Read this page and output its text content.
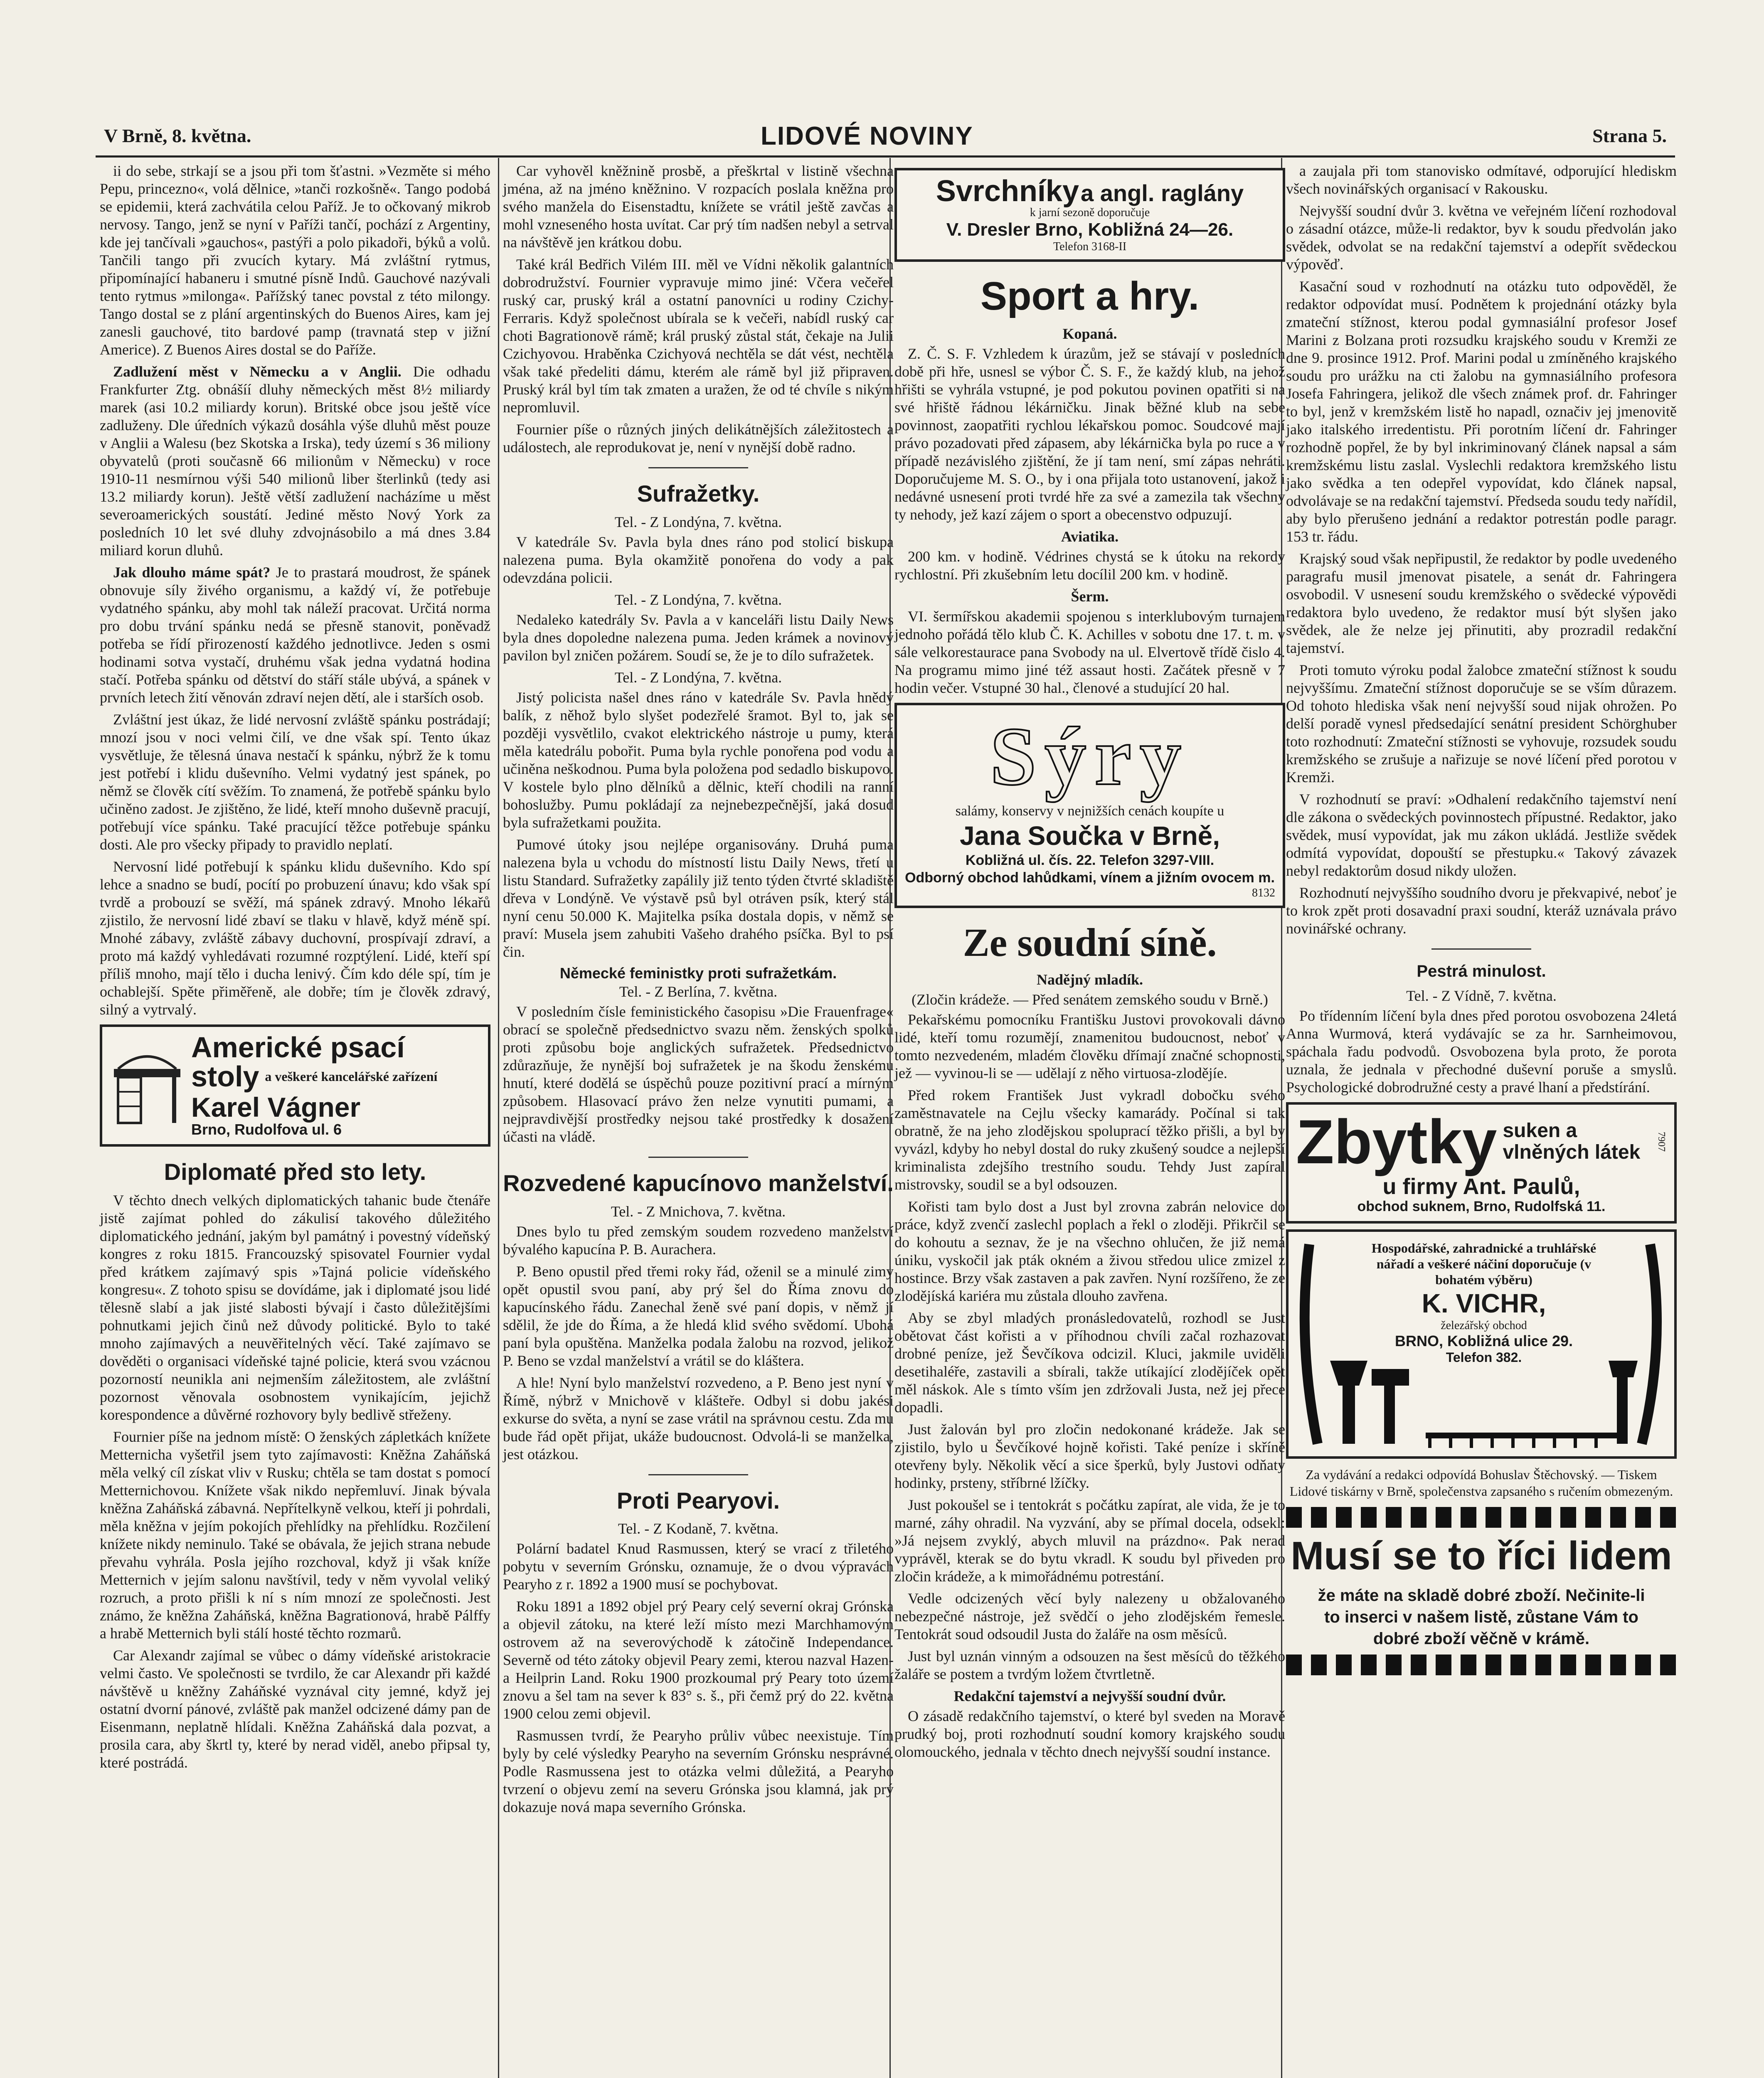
V Brně, 8. května.	LIDOVÉ NOVINY	Strana 5.

ii do sebe, strkají se a jsou při tom šťastni. »Vezměte si mého Pepu, princezno«, volá dělnice, »tanči rozkošně«. Tango podobá se epidemii, která zachvátila celou Paříž. Je to očkovaný mikrob nervosy. Tango, jenž se nyní v Paříži tančí, pochází z Argentiny, kde jej tančívali »gauchos«, pastýři a polo pikadoři, býků a volů. Tančili tango při zvucích kytary. Má zvláštní rytmus, připomínající habaneru i smutné písně Indů. Gauchové nazývali tento rytmus »milonga«. Pařížský tanec povstal z této milongy. Tango dostal se z plání argentinských do Buenos Aires, kam jej zanesli gauchové, tito bardové pamp (travnatá step v jižní Americe). Z Buenos Aires dostal se do Paříže.

Zadlužení měst v Německu a v Anglii. Die odhadu Frankfurter Ztg. obnášíí dluhy německých měst 8½ miliardy marek (asi 10.2 miliardy korun). Britské obce jsou ještě více zadluženy. Dle úředních výkazů dosáhla výše dluhů měst pouze v Anglii a Walesu (bez Skotska a Irska), tedy území s 36 miliony obyvatelů (proti současně 66 milionům v Německu) v roce 1910-11 nesmírnou výši 540 milionů liber šterlinků (tedy asi 13.2 miliardy korun). Ještě větší zadlužení nacházíme u měst severoamerických soustátí. Jediné město Nový York za posledních 10 let své dluhy zdvojnásobilo a má dnes 3.84 miliard korun dluhů.

Jak dlouho máme spát? Je to prastará moudrost, že spánek obnovuje síly živého organismu, a každý ví, že potřebuje vydatného spánku, aby mohl tak náleží pracovat. Určitá norma pro dobu trvání spánku nedá se přesně stanovit, poněvadž potřeba se řídí přirozeností každého jednotlivce. Jeden s osmi hodinami sotva vystačí, druhému však jedna vydatná hodina stačí. Potřeba spánku od dětství do stáří stále ubývá, a spánek v prvních letech žití věnován zdraví nejen dětí, ale i starších osob.

Zvláštní jest úkaz, že lidé nervosní zvláště spánku postrádají; mnozí jsou v noci velmi čilí, ve dne však spí. Tento úkaz vysvětluje, že tělesná únava nestačí k spánku, nýbrž že k tomu jest potřebí i klidu duševního. Velmi vydatný jest spánek, po němž se člověk cítí svěžím. To znamená, že potřebě spánku bylo učiněno zadost. Je zjištěno, že lidé, kteří mnoho duševně pracují, potřebují více spánku. Také pracující těžce potřebuje spánku dosti. Ale pro všecky připady to pravidlo neplatí.

Nervosní lidé potřebují k spánku klidu duševního. Kdo spí lehce a snadno se budí, pocítí po probuzení únavu; kdo však spí tvrdě a probouzí se svěží, má spánek zdravý. Mnoho lékařů zjistilo, že nervosní lidé zbaví se tlaku v hlavě, když méně spí. Mnohé zábavy, zvláště zábavy duchovní, prospívají zdraví, a proto má každý vyhledávati rozumné rozptýlení. Lidé, kteří spí příliš mnoho, mají tělo i ducha lenivý. Čím kdo déle spí, tím je ochablejší. Spěte přiměřeně, ale dobře; tím je člověk zdravý, silný a vytrvalý.

Americké psací
stoly a veškeré kancelářské zařízení
Karel Vágner
Brno, Rudolfova ul. 6
Diplomaté před sto lety.

V těchto dnech velkých diplomatických tahanic bude čtenáře jistě zajímat pohled do zákulisí takového důležitého diplomatického jednání, jakým byl památný i povestný vídeňský kongres z roku 1815. Francouzský spisovatel Fournier vydal před krátkem zajímavý spis »Tajná policie vídeňského kongresu«. Z tohoto spisu se dovídáme, jak i diplomaté jsou lidé tělesně slabí a jak jisté slabosti bývají i často důležitějšími pohnutkami jejich činů než důvody politické. Bylo to také mnoho zajímavých a neuvěřitelných věcí. Také zajímavo se dověděti o organisaci vídeňské tajné policie, která svou vzácnou pozorností neunikla ani nejmenším záležitostem, ale zvláštní pozornost věnovala osobnostem vynikajícím, jejichž korespondence a důvěrné rozhovory byly bedlivě střeženy.

Fournier píše na jednom místě: O ženských zápletkách knížete Metternicha vyšetřil jsem tyto zajímavosti: Kněžna Zaháňská měla velký cíl získat vliv v Rusku; chtěla se tam dostat s pomocí Metternichovou. Knížete však nikdo nepřemluví. Jinak bývala kněžna Zaháňská zábavná. Nepřítelkyně velkou, kteří ji pohrdali, měla kněžna v jejím pokojích přehlídky na přehlídku. Rozčilení knížete nikdy neminulo. Také se obávala, že jejich strana nebude převahu vyhrála. Posla jejího rozchoval, když ji však kníže Metternich v jejím salonu navštívil, tedy v něm vyvolal veliký rozruch, a proto přišli k ní s ním mnozí ze společnosti. Jest známo, že kněžna Zaháňská, kněžna Bagrationová, hrabě Pálffy a hrabě Metternich byli stálí hosté těchto rozmarů.

Car Alexandr zajímal se vůbec o dámy vídeňské aristokracie velmi často. Ve společnosti se tvrdilo, že car Alexandr při každé návštěvě u kněžny Zaháňské vyznával city jemné, když jej ostatní dvorní pánové, zvláště pak manžel odcizené dámy pan de Eisenmann, neplatně hlídali. Kněžna Zaháňská dala pozvat, a prosila cara, aby škrtl ty, které by nerad viděl, anebo připsal ty, které postrádá.

Car vyhověl kněžnině prosbě, a přeškrtal v listině všechna jména, až na jméno kněžnino. V rozpacích poslala kněžna pro svého manžela do Eisenstadtu, knížete se vrátil ještě zavčas a mohl vzneseného hosta uvítat. Car prý tím nadšen nebyl a setrval na návštěvě jen krátkou dobu.

Také král Bedřich Vilém III. měl ve Vídni několik galantních dobrodružství. Fournier vypravuje mimo jiné: Včera večeřel ruský car, pruský král a ostatní panovníci u rodiny Czichy-Ferraris. Když společnost ubírala se k večeři, nabídl ruský car choti Bagrationově rámě; král pruský zůstal stát, čekaje na Julii Czichyovou. Hraběnka Czichyová nechtěla se dát vést, nechtěla však také předeliti dámu, kterém ale rámě byl již připraven. Pruský král byl tím tak zmaten a uražen, že od té chvíle s nikým nepromluvil.

Fournier píše o různých jiných delikátnějších záležitostech a událostech, ale reprodukovat je, není v nynější době radno.

Sufražetky.
Tel. - Z Londýna, 7. května.

V katedrále Sv. Pavla byla dnes ráno pod stolicí biskupa nalezena puma. Byla okamžitě ponořena do vody a pak odevzdána policii.

Tel. - Z Londýna, 7. května.

Nedaleko katedrály Sv. Pavla a v kanceláři listu Daily News byla dnes dopoledne nalezena puma. Jeden krámek a novinový pavilon byl zničen požárem. Soudí se, že je to dílo sufražetek.

Tel. - Z Londýna, 7. května.

Jistý policista našel dnes ráno v katedrále Sv. Pavla hnědý balík, z něhož bylo slyšet podezřelé šramot. Byl to, jak se později vysvětlilo, cvakot elektrického nástroje u pumy, která měla katedrálu pobořit. Puma byla rychle ponořena pod vodu a učiněna neškodnou. Puma byla položena pod sedadlo biskupovo. V kostele bylo plno dělníků a dělnic, kteří chodili na ranní bohoslužby. Pumu pokládají za nejnebezpečnější, jaká dosud byla sufražetkami použita.

Pumové útoky jsou nejlépe organisovány. Druhá puma nalezena byla u vchodu do místností listu Daily News, třetí u listu Standard. Sufražetky zapálily již tento týden čtvrté skladiště dřeva v Londýně. Ve výstavě psů byl otráven psík, který stál nyní cenu 50.000 K. Majitelka psíka dostala dopis, v němž se praví: Musela jsem zahubiti Vašeho drahého psíčka. Byl to psí čin.

Německé feministky proti sufražetkám.
Tel. - Z Berlína, 7. května.

V posledním čísle feministického časopisu »Die Frauenfrage« obrací se společně předsednictvo svazu něm. ženských spolků proti způsobu boje anglických sufražetek. Předsednictvo zdůrazňuje, že nynější boj sufražetek je na škodu ženskému hnutí, které dodělá se úspěchů pouze pozitivní prací a mírným způsobem. Hlasovací právo žen nelze vynutiti pumami, a nejpravdivější prostředky nejsou také prostředky k dosažení účasti na vládě.

Rozvedené kapucínovo manželství.
Tel. - Z Mnichova, 7. května.

Dnes bylo tu před zemským soudem rozvedeno manželství bývalého kapucína P. B. Aurachera.

P. Beno opustil před třemi roky řád, oženil se a minulé zimy opět opustil svou paní, aby prý šel do Říma znovu do kapucínského řádu. Zanechal ženě své paní dopis, v němž jí sdělil, že jde do Říma, a že hledá klid svého svědomí. Ubohá paní byla opuštěna. Manželka podala žalobu na rozvod, jelikož P. Beno se vzdal manželství a vrátil se do kláštera.

A hle! Nyní bylo manželství rozvedeno, a P. Beno jest nyní v Římě, nýbrž v Mnichově v klášteře. Odbyl si dobu jakési exkurse do světa, a nyní se zase vrátil na správnou cestu. Zda mu bude řád opět přijat, ukáže budoucnost. Odvolá-li se manželka, jest otázkou.

Proti Pearyovi.
Tel. - Z Kodaně, 7. května.

Polární badatel Knud Rasmussen, který se vrací z třiletého pobytu v severním Grónsku, oznamuje, že o dvou výpravách Pearyho z r. 1892 a 1900 musí se pochybovat.

Roku 1891 a 1892 objel prý Peary celý severní okraj Grónska a objevil zátoku, na které leží místo mezi Marchhamovým ostrovem až na severovýchodě k zátočině Independance. Severně od této zátoky objevil Peary zemi, kterou nazval Hazen- a Heilprin Land. Roku 1900 prozkoumal prý Peary toto území znovu a šel tam na sever k 83° s. š., při čemž prý do 22. května 1900 celou zemi objevil.

Rasmussen tvrdí, že Pearyho průliv vůbec neexistuje. Tím byly by celé výsledky Pearyho na severním Grónsku nesprávné. Podle Rasmussena jest to otázka velmi důležitá, a Pearyho tvrzení o objevu zemí na severu Grónska jsou klamná, jak prý dokazuje nová mapa severního Grónska.

Svrchníky a angl. raglány
k jarní sezoně doporučuje
V. Dresler Brno, Kobližná 24—26.
Telefon 3168-II
Sport a hry.
Kopaná.

Z. Č. S. F. Vzhledem k úrazům, jež se stávají v posledních době při hře, usnesl se výbor Č. S. F., že každý klub, na jehož hřišti se vyhrála vstupné, je pod pokutou povinen opatřiti si na své hřiště řádnou lékárničku. Jinak běžné klub na sebe povinnost, zaopatřiti rychlou lékařskou pomoc. Soudcové mají právo pozadovati před zápasem, aby lékárnička byla po ruce a v případě nezávislého zjištění, že jí tam není, smí zápas nehráti. Doporučujeme M. S. O., by i ona přijala toto ustanovení, jakož i nedávné usnesení proti tvrdé hře za své a zamezila tak všechny ty nehody, jež kazí zájem o sport a obecenstvo odpuzují.

Aviatika.

200 km. v hodině. Védrines chystá se k útoku na rekordy rychlostní. Při zkušebním letu docílil 200 km. v hodině.

Šerm.

VI. šermířskou akademii spojenou s interklubovým turnajem jednoho pořádá tělo klub Č. K. Achilles v sobotu dne 17. t. m. v sále velkorestaurace pana Svobody na ul. Elvertově třídě čislo 4. Na programu mimo jiné též assaut hosti. Začátek přesně v 7 hodin večer. Vstupné 30 hal., členové a studující 20 hal.

Sýry
salámy, konservy v nejnižších cenách koupíte u
Jana Součka v Brně,
Kobližná ul. čís. 22. Telefon 3297-VIII.
Odborný obchod lahůdkami, vínem a jižním ovocem m.
8132
Ze soudní síně.
Nadějný mladík.
(Zločin krádeže. — Před senátem zemského soudu v Brně.)

Pekařskému pomocníku Františku Justovi provokovali dávno lidé, kteří tomu rozumějí, znamenitou budoucnost, neboť v tomto nezvedeném, mladém člověku dřímají značné schopnosti, jež — vyvinou-li se — udělají z něho virtuosa-zlodějíe.

Před rokem František Just vykradl dobočku svého zaměstnavatele na Cejlu všecky kamarády. Počínal si tak obratně, že na jeho zlodějskou spoluprací těžko přišli, a byl by vyvázl, kdyby ho nebyl dostal do ruky zkušený soudce a nejlepší kriminalista zdejšího trestního soudu. Tehdy Just zapíral mistrovsky, soudil se a byl odsouzen.

Kořisti tam bylo dost a Just byl zrovna zabrán nelovice do práce, když zvenčí zaslechl poplach a řekl o zloději. Přikrčil se do kohoutu a seznav, že je na všechno ohlučen, že již nemá úniku, vyskočil jak pták okném a živou středou ulice zmizel z hostince. Brzy však zastaven a pak zavřen. Nyní rozšířeno, že ze zlodějíská kariéra mu zůstala dlouho zavřena.

Aby se zbyl mladých pronásledovatelů, rozhodl se Just obětovat část kořisti a v příhodnou chvíli začal rozhazovat drobné peníze, jež Ševčíkova odcizil. Kluci, jakmile uviděli desetihaléře, zastavili a sbírali, takže utíkající zlodějíček opět měl náskok. Ale s tímto vším jen zdržovali Justa, než jej přece dopadli.

Just žalován byl pro zločin nedokonané krádeže. Jak se zjistilo, bylo u Ševčíkové hojně kořisti. Také peníze i skříně otevřeny byly. Několik věcí a sice šperků, byly Justovi odňaty hodinky, prsteny, stříbrné lžíčky.

Just pokoušel se i tentokrát s počátku zapírat, ale vida, že je to marné, záhy ohradil. Na vyzvání, aby se přímal docela, odsekl: »Já nejsem zvyklý, abych mluvil na prázdno«. Pak nerad vyprávěl, kterak se do bytu vkradl. K soudu byl přiveden pro zločin krádeže, a k mimořádnému potrestání.

Vedle odcizených věcí byly nalezeny u obžalovaného nebezpečné nástroje, jež svědčí o jeho zlodějském řemesle. Tentokrát soud odsoudil Justa do žaláře na osm měsíců.

Just byl uznán vinným a odsouzen na šest měsíců do těžkého žaláře se postem a tvrdým ložem čtvrtletně.

Redakční tajemství a nejvyšší soudní dvůr.

O zásadě redakčního tajemství, o které byl sveden na Moravě prudký boj, proti rozhodnutí soudní komory krajského soudu olomouckého, jednala v těchto dnech nejvyšší soudní instance.

a zaujala při tom stanovisko odmítavé, odporující hlediskm všech novinářských organisací v Rakousku.

Nejvyšší soudní dvůr 3. května ve veřejném líčení rozhodoval o zásadní otázce, může-li redaktor, byv k soudu předvolán jako svědek, odvolat se na redakční tajemství a odepřít svědeckou výpověď.

Kasační soud v rozhodnutí na otázku tuto odpověděl, že redaktor odpovídat musí. Podnětem k projednání otázky byla zmateční stížnost, kterou podal gymnasiální profesor Josef Marini z Bolzana proti rozsudku krajského soudu v Kremži ze dne 9. prosince 1912. Prof. Marini podal u zmíněného krajského soudu pro urážku na cti žalobu na gymnasiálního profesora Josefa Fahringera, jelikož dle všech známek prof. dr. Fahringer to byl, jenž v kremžském listě ho napadl, označiv jej jmenovitě jako italského irredentistu. Při porotním líčení dr. Fahringer rozhodně popřel, že by byl inkriminovaný článek napsal a sám kremžskému listu zaslal. Vyslechli redaktora kremžského listu jako svědka a ten odepřel vypovídat, kdo článek napsal, odvolávaje se na redakční tajemství. Předseda soudu tedy nařídil, aby bylo přerušeno jednání a redaktor potrestán podle paragr. 153 tr. řádu.

Krajský soud však nepřipustil, že redaktor by podle uvedeného paragrafu musil jmenovat pisatele, a senát dr. Fahringera osvobodil. V usnesení soudu kremžského o svědecké výpovědi redaktora bylo uvedeno, že redaktor musí být slyšen jako svědek, ale že nelze jej přinutiti, aby prozradil redakční tajemství.

Proti tomuto výroku podal žalobce zmateční stížnost k soudu nejvyššímu. Zmateční stížnost doporučuje se se vším důrazem. Od tohoto hlediska však není nejvyšší soud nijak ohrožen. Po delší poradě vynesl předsedající senátní president Schörghuber toto rozhodnutí: Zmateční stížnosti se vyhovuje, rozsudek soudu kremžského se zrušuje a nařizuje se nové líčení před porotou v Kremži.

V rozhodnutí se praví: »Odhalení redakčního tajemství není dle zákona o svědeckých povinnostech přípustné. Redaktor, jako svědek, musí vypovídat, jak mu zákon ukládá. Jestliže svědek odmítá vypovídat, dopouští se přestupku.« Takový závazek nebyl redaktorům dosud nikdy uložen.

Rozhodnutí nejvyššího soudního dvoru je překvapivé, neboť je to krok zpět proti dosavadní praxi soudní, kteráž uznávala právo novinářské ochrany.

Pestrá minulost.
Tel. - Z Vídně, 7. května.

Po třídenním líčení byla dnes před porotou osvobozena 24letá Anna Wurmová, která vydávajíc se za hr. Sarnheimovou, spáchala řadu podvodů. Osvobozena byla proto, že porota uznala, že jednala v přechodné duševní poruše a smyslů. Psychologické dobrodružné cesty a pravé lhaní a předstírání.

Zbytky suken a vlněných látek	7907
u firmy Ant. Paulů,
obchod suknem, Brno, Rudolfská 11.
Hospodářské, zahradnické a truhlářské nářadí a veškeré náčiní doporučuje (v bohatém výběru)
K. VICHR,
železářský obchod
BRNO, Kobližná ulice 29.
Telefon 382.
Za vydávání a redakci odpovídá Bohuslav Štěchovský. — Tiskem Lidové tiskárny v Brně, společenstva zapsaného s ručením obmezeným.
Musí se to říci lidem
že máte na skladě dobré zboží. Nečinite-li to inserci v našem listě, zůstane Vám to dobré zboží věčně v krámě.
